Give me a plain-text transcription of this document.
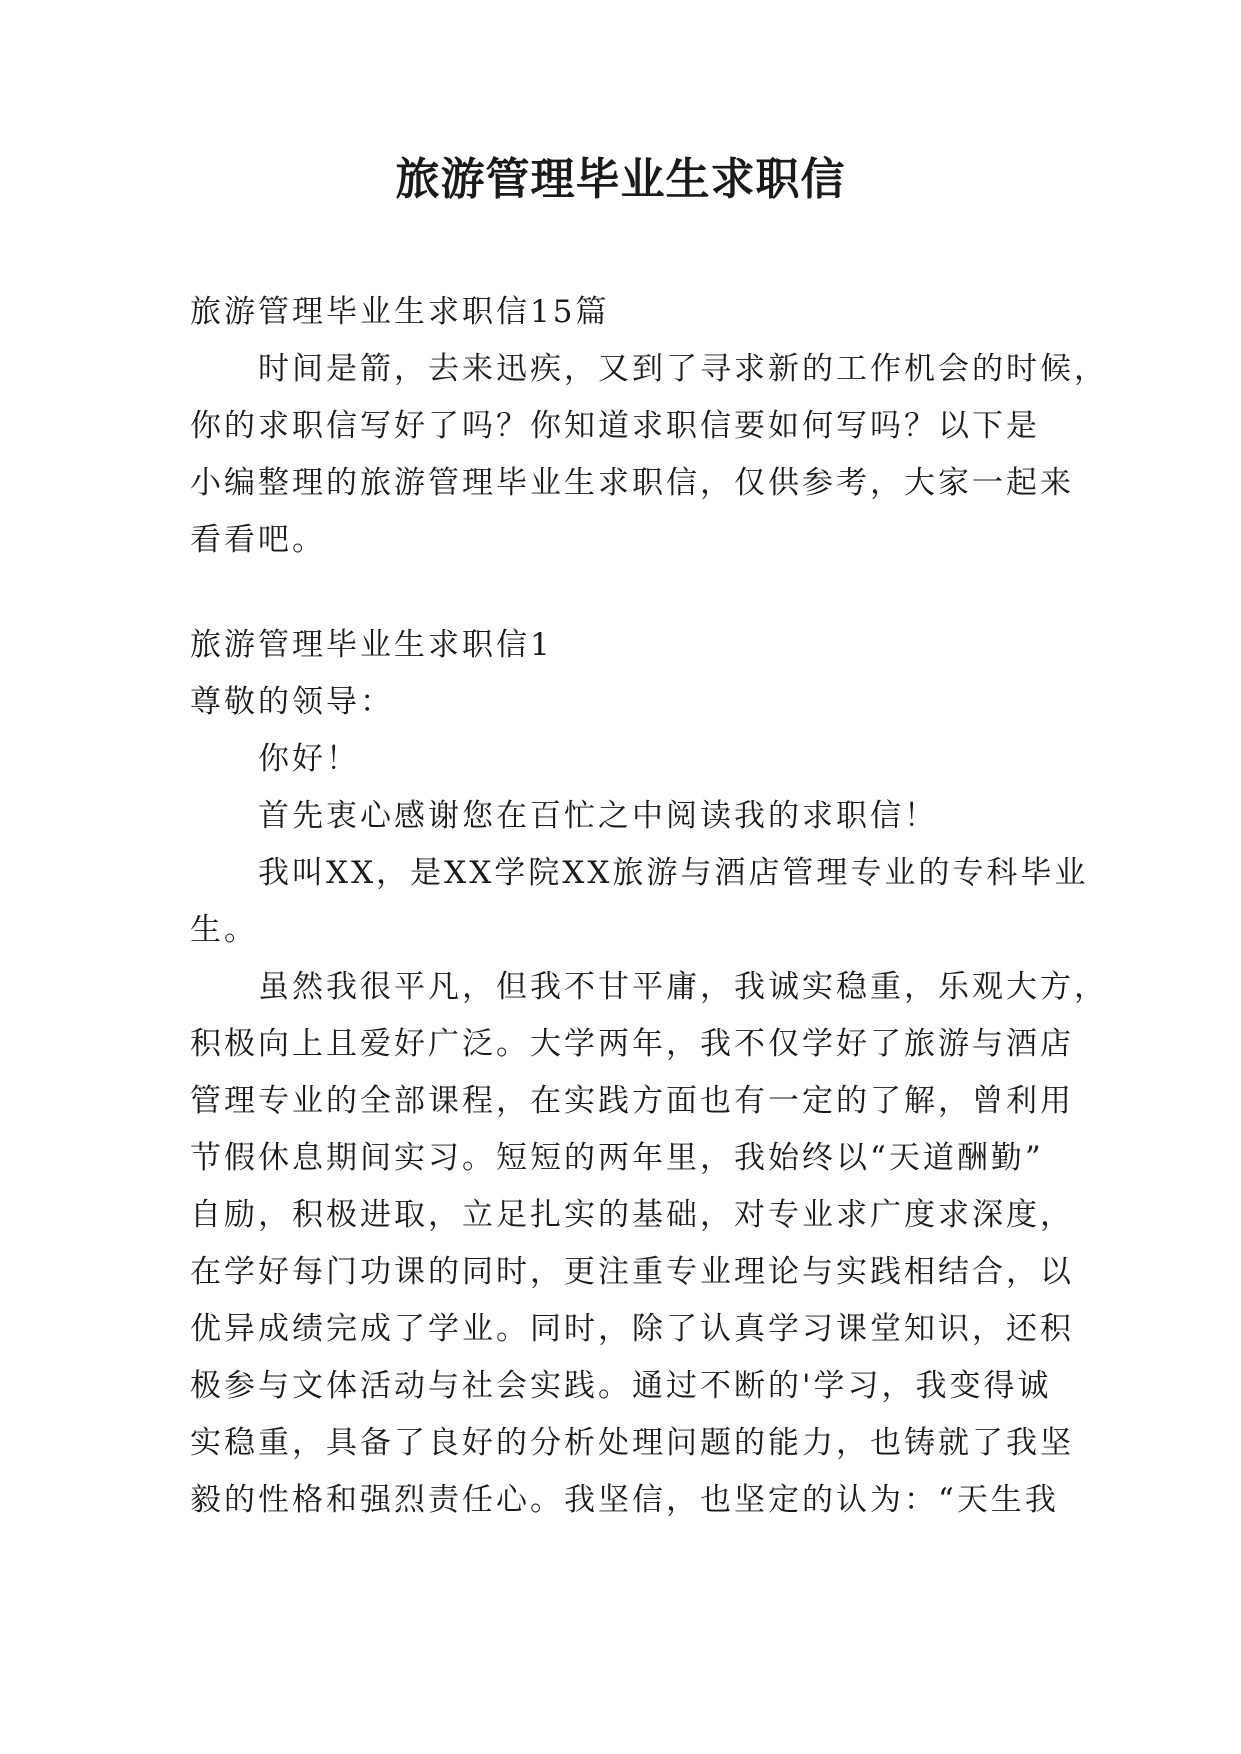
旅游管理毕业生求职信
旅游管理毕业生求职信15篇
时间是箭，去来迅疾，又到了寻求新的工作机会的时候，
你的求职信写好了吗？你知道求职信要如何写吗？以下是
小编整理的旅游管理毕业生求职信，仅供参考，大家一起来
看看吧。
旅游管理毕业生求职信1
尊敬的领导：
你好！
首先衷心感谢您在百忙之中阅读我的求职信！
我叫XX，是XX学院XX旅游与酒店管理专业的专科毕业
生。
虽然我很平凡，但我不甘平庸，我诚实稳重，乐观大方，
积极向上且爱好广泛。大学两年，我不仅学好了旅游与酒店
管理专业的全部课程，在实践方面也有一定的了解，曾利用
节假休息期间实习。短短的两年里，我始终以“天道酬勤”
自励，积极进取，立足扎实的基础，对专业求广度求深度，
在学好每门功课的同时，更注重专业理论与实践相结合，以
优异成绩完成了学业。同时，除了认真学习课堂知识，还积
极参与文体活动与社会实践。通过不断的'学习，我变得诚
实稳重，具备了良好的分析处理问题的能力，也铸就了我坚
毅的性格和强烈责任心。我坚信，也坚定的认为：“天生我
